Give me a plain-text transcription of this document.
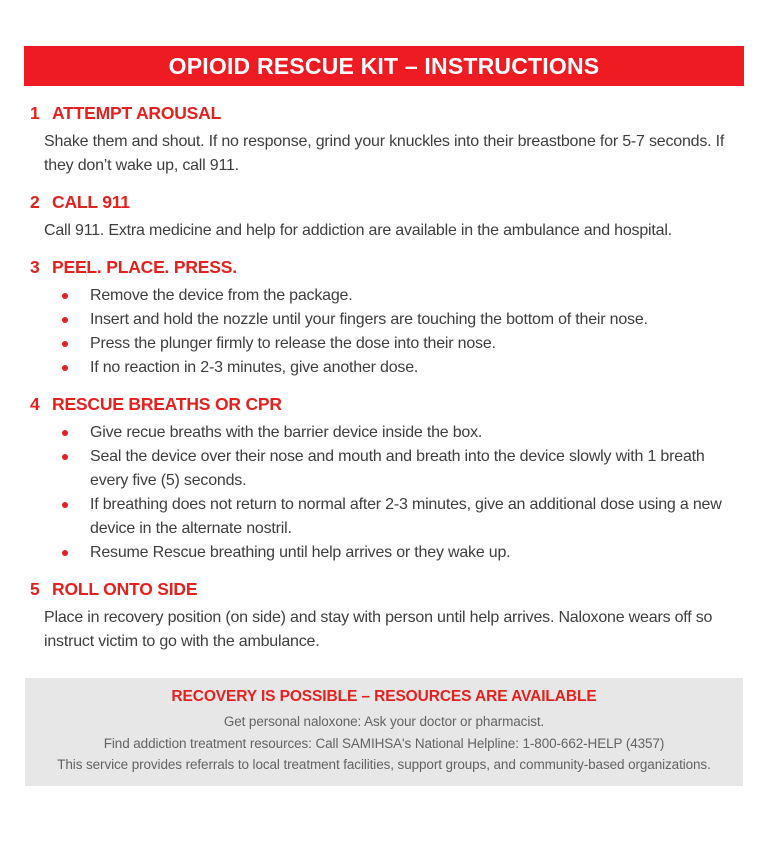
OPIOID RESCUE KIT – INSTRUCTIONS
1 ATTEMPT AROUSAL

Shake them and shout. If no response, grind your knuckles into their breastbone for 5-7 seconds. If they don’t wake up, call 911.

2 CALL 911

Call 911. Extra medicine and help for addiction are available in the ambulance and hospital.

3 PEEL. PLACE. PRESS.
Remove the device from the package.
Insert and hold the nozzle until your fingers are touching the bottom of their nose.
Press the plunger firmly to release the dose into their nose.
If no reaction in 2-3 minutes, give another dose.
4 RESCUE BREATHS OR CPR
Give recue breaths with the barrier device inside the box.
Seal the device over their nose and mouth and breath into the device slowly with 1 breath every five (5) seconds.
If breathing does not return to normal after 2-3 minutes, give an additional dose using a new device in the alternate nostril.
Resume Rescue breathing until help arrives or they wake up.
5 ROLL ONTO SIDE

Place in recovery position (on side) and stay with person until help arrives. Naloxone wears off so instruct victim to go with the ambulance.

RECOVERY IS POSSIBLE – RESOURCES ARE AVAILABLE
Get personal naloxone: Ask your doctor or pharmacist.
Find addiction treatment resources: Call SAMIHSA's National Helpline: 1-800-662-HELP (4357)
This service provides referrals to local treatment facilities, support groups, and community-based organizations.
